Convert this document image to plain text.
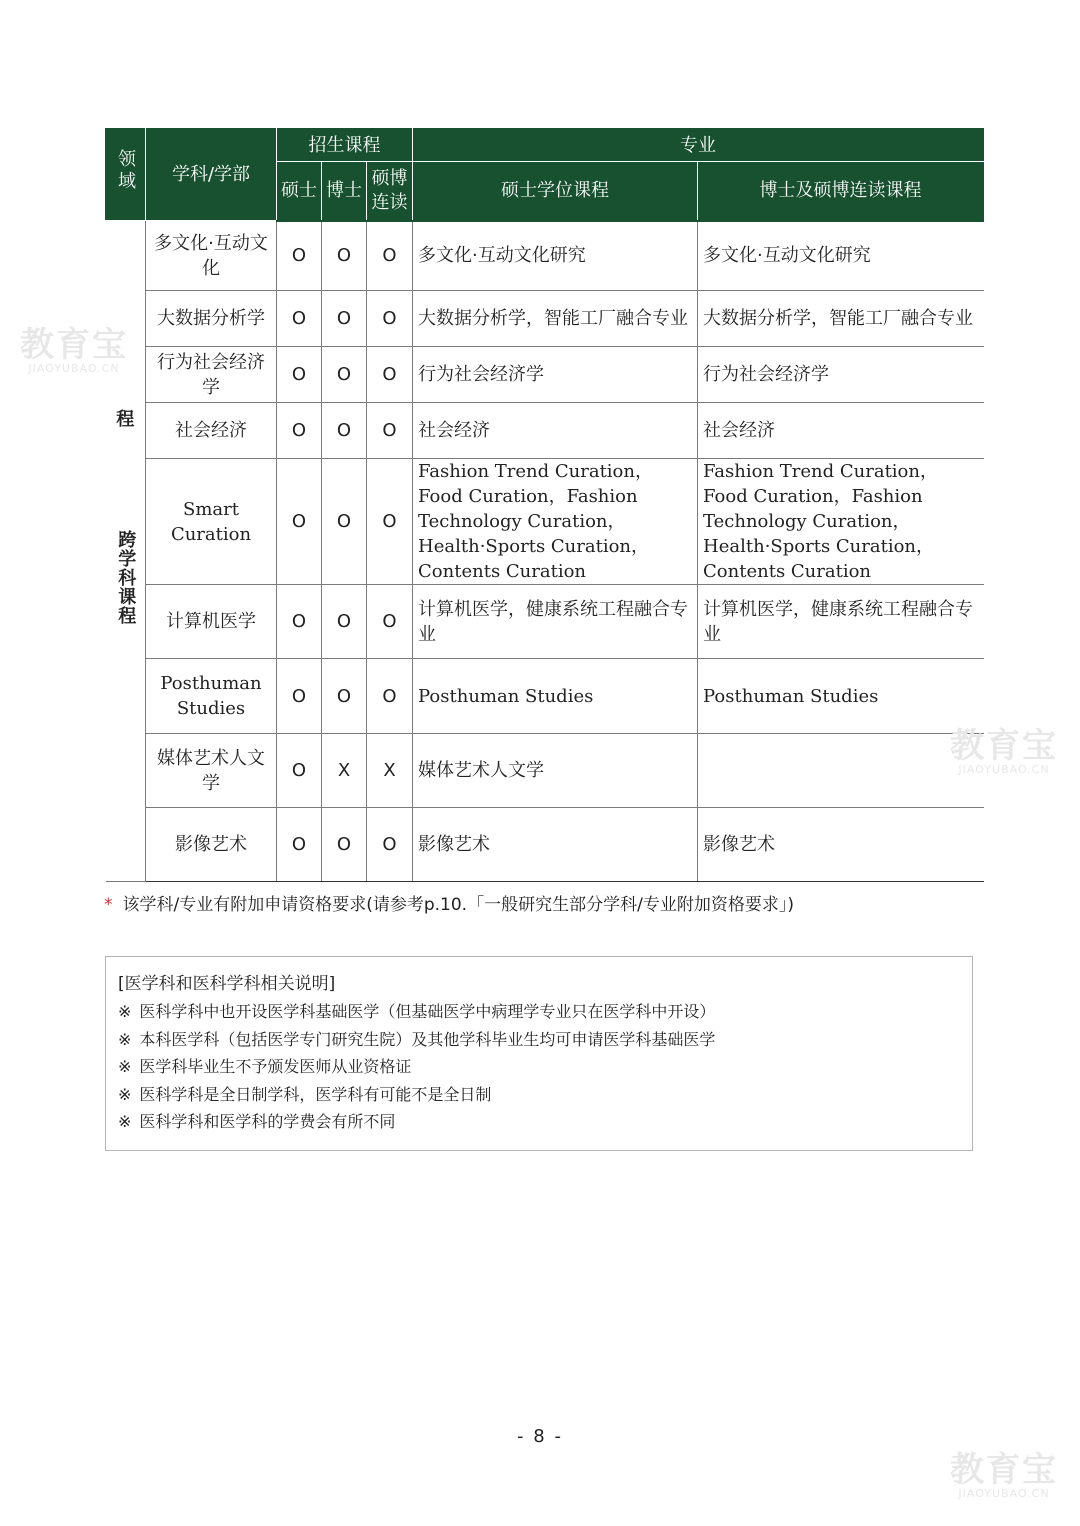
领域	学科/学部	招生课程			专业	
		硕士	博士	硕博连读	硕士学位课程	博士及硕博连读课程

程
跨学科课程	多文化·互动文化	O	O	O	多文化·互动文化研究	多文化·互动文化研究
	大数据分析学	O	O	O	大数据分析学，智能工厂融合专业	大数据分析学，智能工厂融合专业
	行为社会经济学	O	O	O	行为社会经济学	行为社会经济学
	社会经济	O	O	O	社会经济	社会经济
	Smart Curation	O	O	O	Fashion Trend Curation，Food Curation，Fashion Technology Curation，Health·Sports Curation，Contents Curation	Fashion Trend Curation，Food Curation，Fashion Technology Curation，Health·Sports Curation，Contents Curation
	计算机医学	O	O	O	计算机医学，健康系统工程融合专业	计算机医学，健康系统工程融合专业
	Posthuman Studies	O	O	O	Posthuman Studies	Posthuman Studies
	媒体艺术人文学	O	X	X	媒体艺术人文学	
	影像艺术	O	O	O	影像艺术	影像艺术
* 该学科/专业有附加申请资格要求(请参考p.10.「一般研究生部分学科/专业附加资格要求」)
[医学科和医科学科相关说明]
※ 医科学科中也开设医学科基础医学（但基础医学中病理学专业只在医学科中开设）
※ 本科医学科（包括医学专门研究生院）及其他学科毕业生均可申请医学科基础医学
※ 医学科毕业生不予颁发医师从业资格证
※ 医科学科是全日制学科，医学科有可能不是全日制
※ 医科学科和医学科的学费会有所不同
- 8 -
教育宝
JIAOYUBAO.CN
教育宝
JIAOYUBAO.CN
教育宝
JIAOYUBAO.CN
